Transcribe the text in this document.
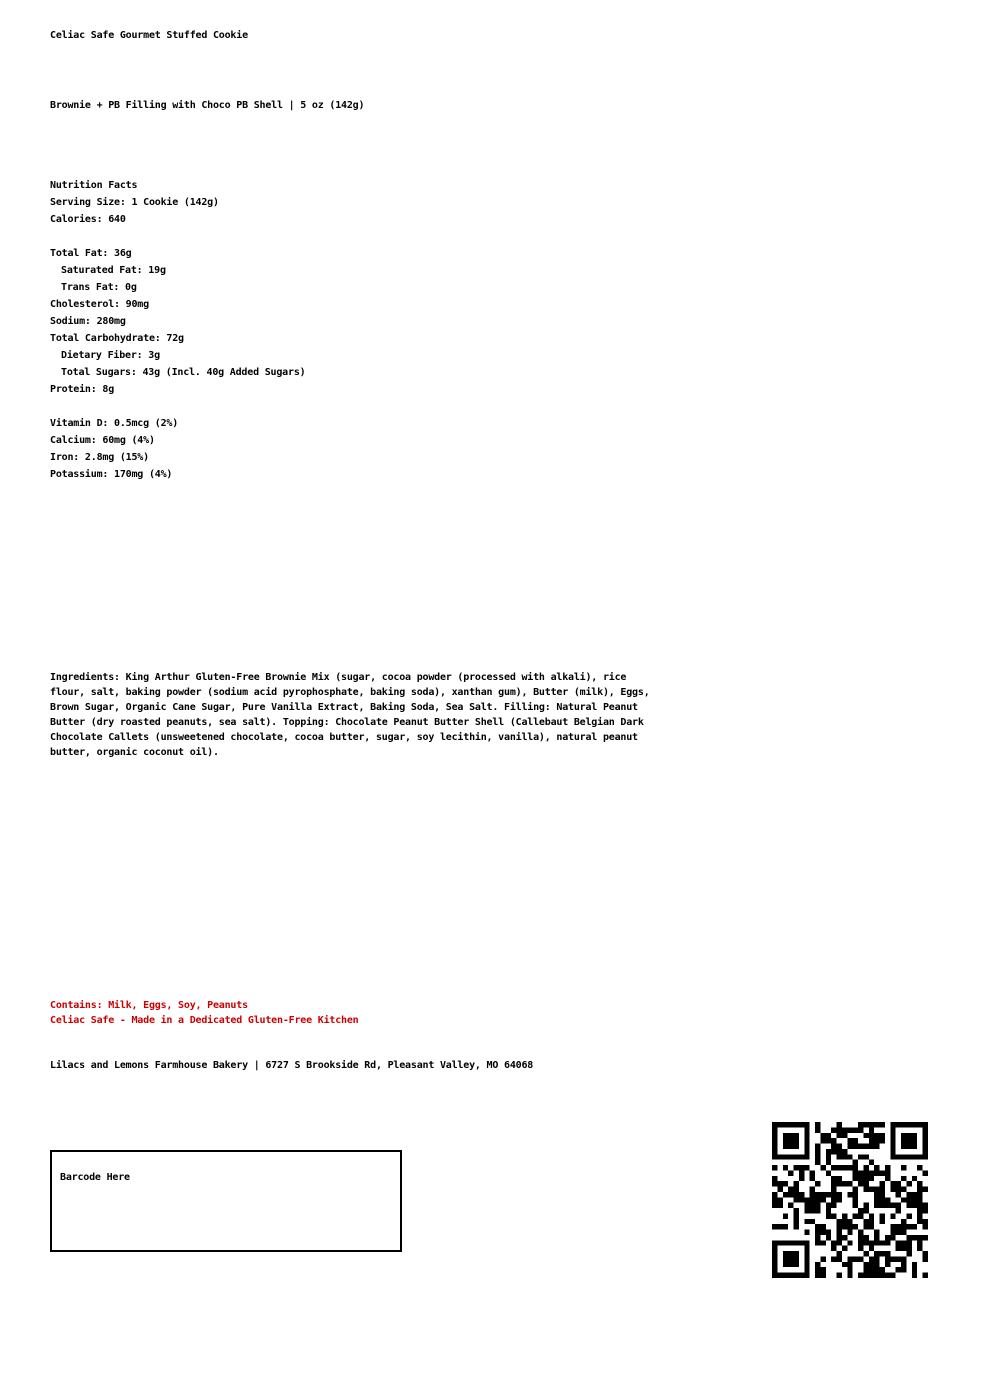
Celiac Safe Gourmet Stuffed Cookie
Brownie + PB Filling with Choco PB Shell | 5 oz (142g)
Nutrition Facts
Serving Size: 1 Cookie (142g)
Calories: 640
Total Fat: 36g
Saturated Fat: 19g
Trans Fat: 0g
Cholesterol: 90mg
Sodium: 280mg
Total Carbohydrate: 72g
Dietary Fiber: 3g
Total Sugars: 43g (Incl. 40g Added Sugars)
Protein: 8g
Vitamin D: 0.5mcg (2%)
Calcium: 60mg (4%)
Iron: 2.8mg (15%)
Potassium: 170mg (4%)
Ingredients: King Arthur Gluten-Free Brownie Mix (sugar, cocoa powder (processed with alkali), rice flour, salt, baking powder (sodium acid pyrophosphate, baking soda), xanthan gum), Butter (milk), Eggs, Brown Sugar, Organic Cane Sugar, Pure Vanilla Extract, Baking Soda, Sea Salt. Filling: Natural Peanut Butter (dry roasted peanuts, sea salt). Topping: Chocolate Peanut Butter Shell (Callebaut Belgian Dark Chocolate Callets (unsweetened chocolate, cocoa butter, sugar, soy lecithin, vanilla), natural peanut butter, organic coconut oil).
Contains: Milk, Eggs, Soy, Peanuts
Celiac Safe - Made in a Dedicated Gluten-Free Kitchen
Lilacs and Lemons Farmhouse Bakery | 6727 S Brookside Rd, Pleasant Valley, MO 64068
Barcode Here
